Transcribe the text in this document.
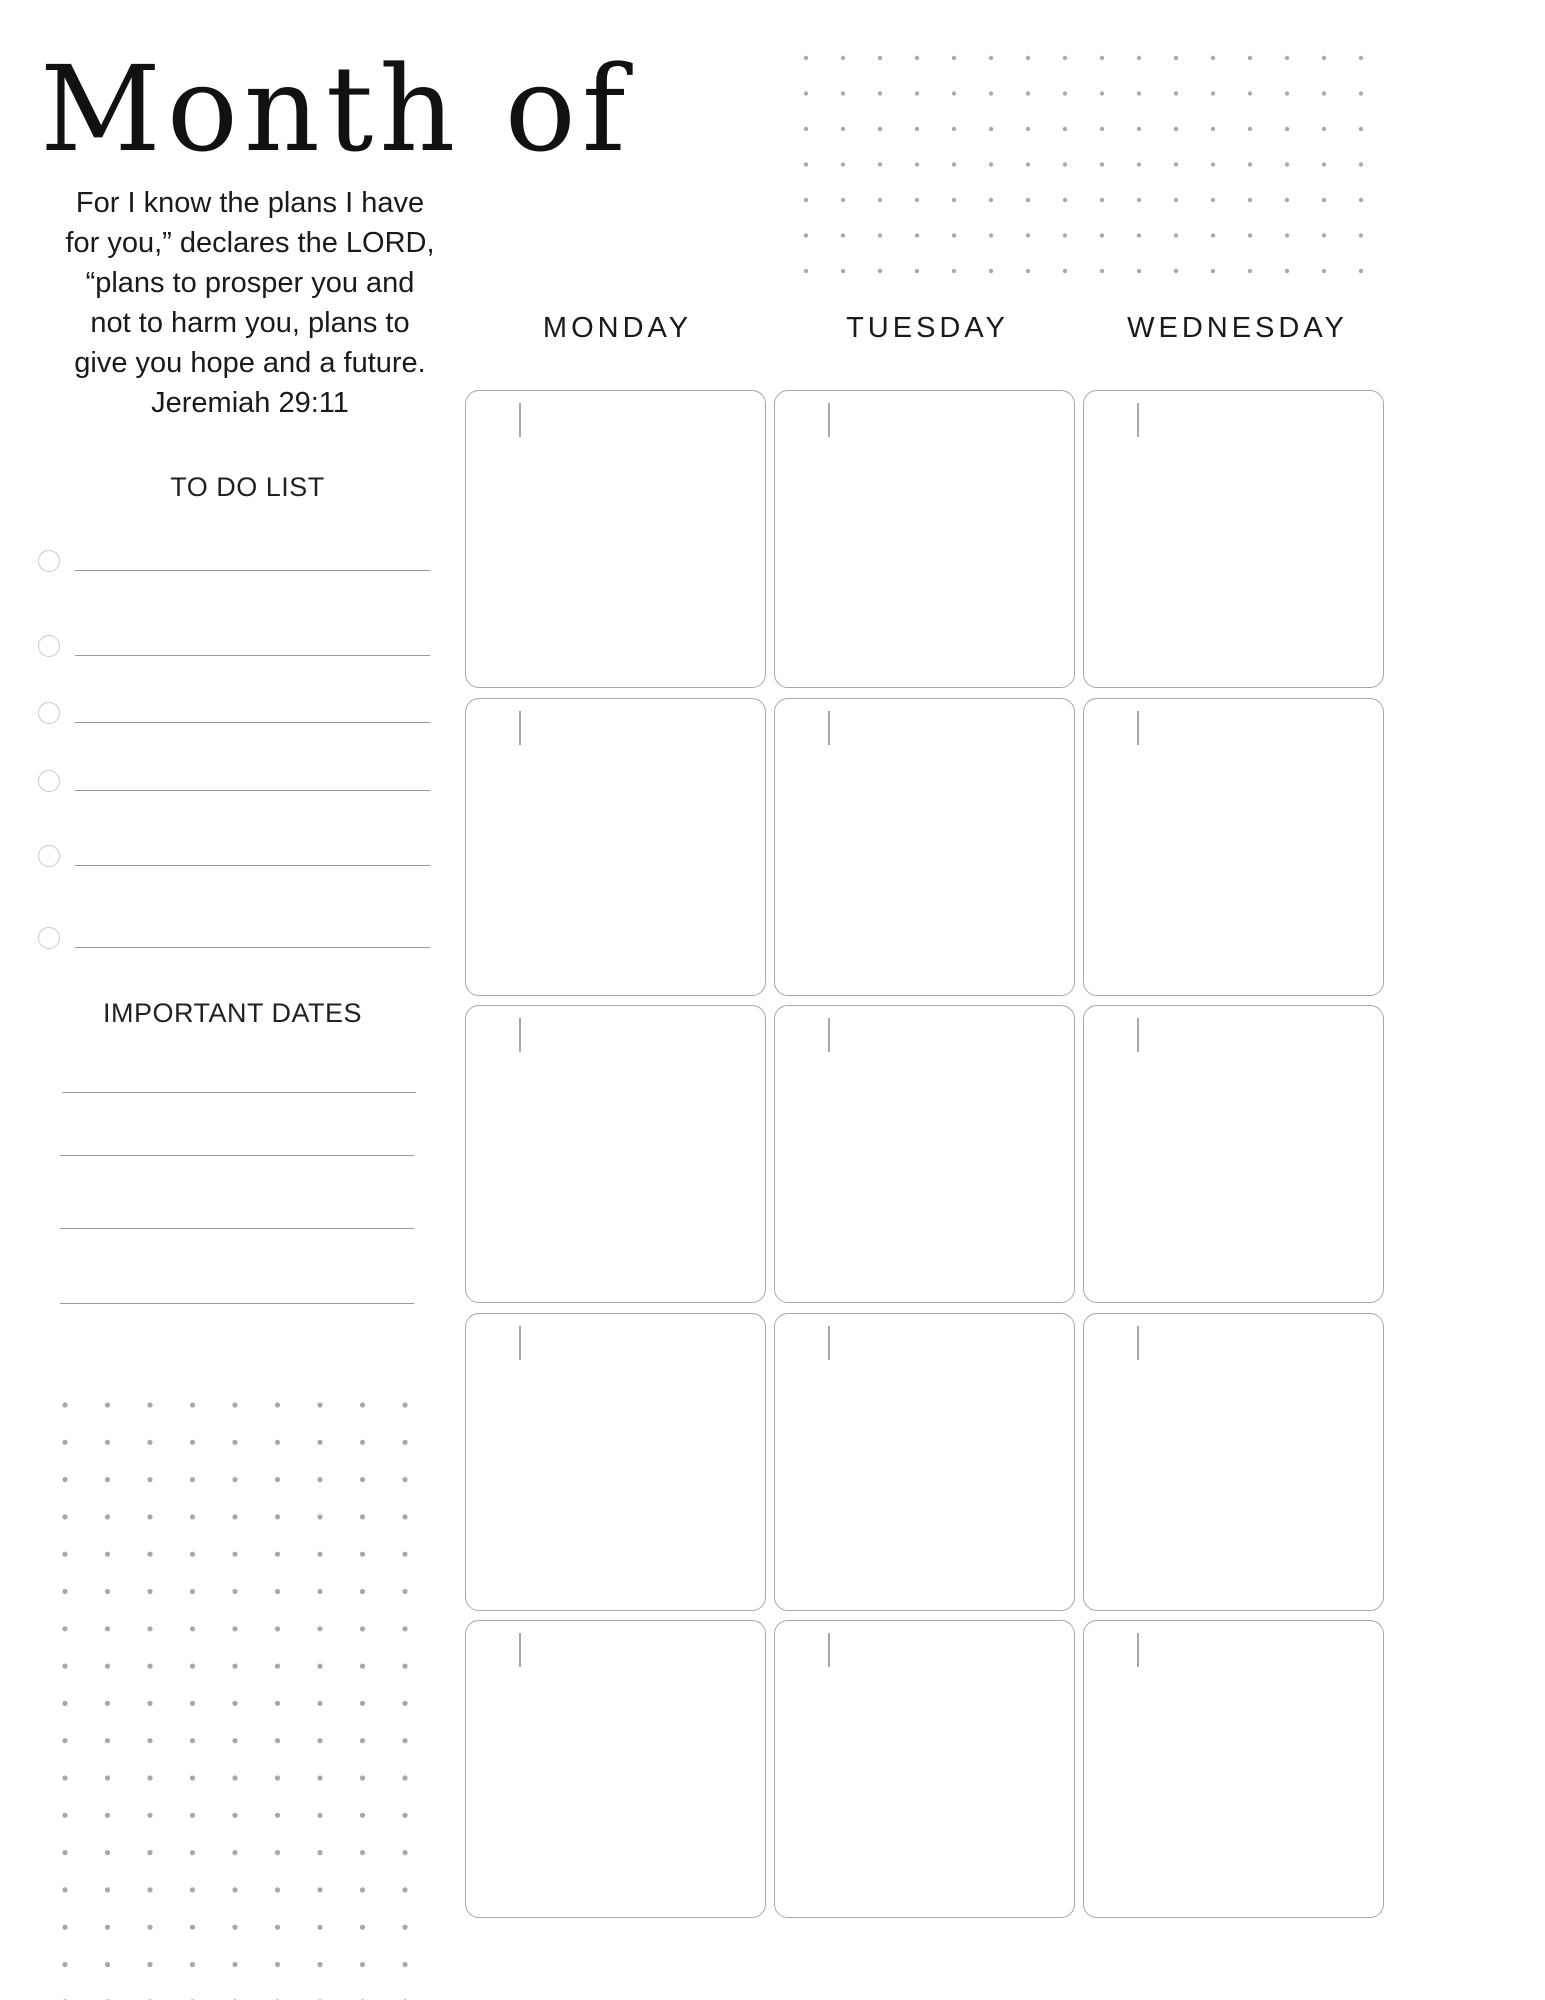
Month of
For I know the plans I have
for you,” declares the LORD,
“plans to prosper you and
not to harm you, plans to
give you hope and a future.
Jeremiah 29:11
TO DO LIST
IMPORTANT DATES
MONDAY	TUESDAY	WEDNESDAY
